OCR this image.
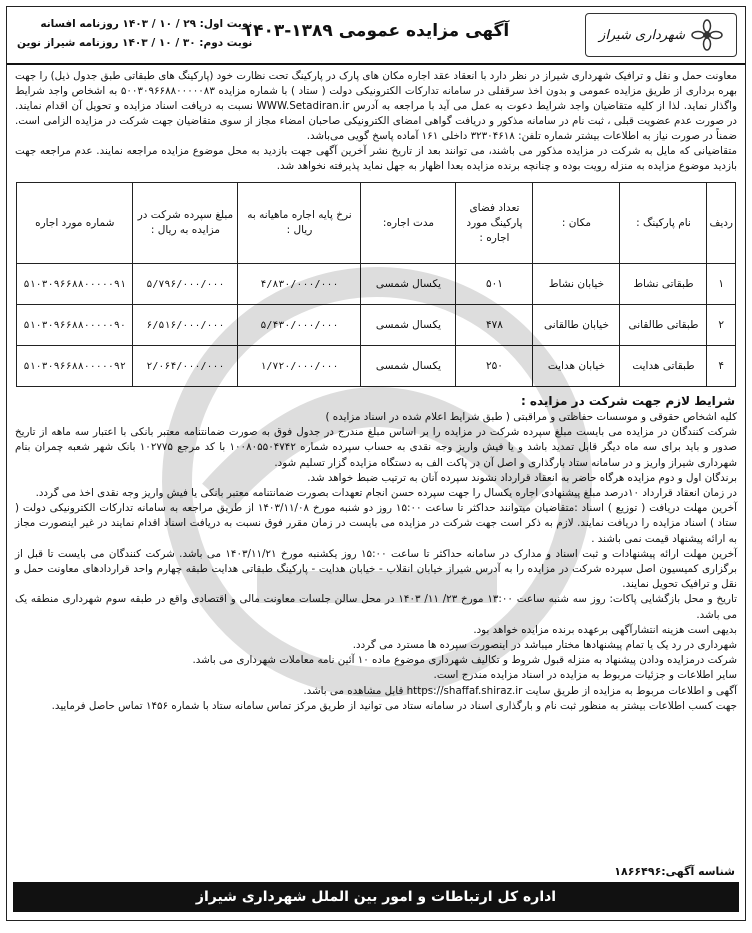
شهرداری شیراز
آگهی مزایده عمومی ۱۳۸۹-۱۴۰۳
نوبت اول: ۲۹ / ۱۰ / ۱۴۰۳ روزنامه افسانه
نوبت دوم: ۳۰ / ۱۰ / ۱۴۰۳ روزنامه شیراز نوین

معاونت حمل و نقل و ترافیک شهرداری شیراز در نظر دارد با انعقاد عقد اجاره مکان های پارک در پارکینگ تحت نظارت خود (پارکینگ های طبقاتی طبق جدول ذیل) را جهت بهره برداری از طریق مزایده عمومی و بدون اخذ سرقفلی در سامانه تدارکات الکترونیکی دولت ( ستاد ) با شماره مزایده ۵۰۰۳۰۹۶۶۸۸۰۰۰۰۰۸۳ به اشخاص واجد شرایط واگذار نماید. لذا از کلیه متقاضیان واجد شرایط دعوت به عمل می آید با مراجعه به آدرس WWW.Setadiran.ir نسبت به دریافت اسناد مزایده و تحویل آن اقدام نمایند. در صورت عدم عضویت قبلی ، ثبت نام در سامانه مذکور و دریافت گواهی امضای الکترونیکی صاحبان امضاء مجاز از سوی متقاضیان جهت شرکت در مزایده الزامی است. ضمناً در صورت نیاز به اطلاعات بیشتر شماره تلفن: ۳۲۳۰۴۶۱۸ داخلی ۱۶۱ آماده پاسخ گویی می‌باشد.

متقاضیانی که مایل به شرکت در مزایده مذکور می باشند، می توانند بعد از تاریخ نشر آخرین آگهی جهت بازدید به محل موضوع مزایده مراجعه نمایند. عدم مراجعه جهت بازدید موضوع مزایده به منزله رویت بوده و چنانچه برنده مزایده بعدا اظهار به جهل نماید پذیرفته نخواهد شد.

ردیف	نام پارکینگ :	مکان :	تعداد فضای پارکینگ مورد اجاره :	مدت اجاره:	نرخ پایه اجاره ماهیانه به ریال :	مبلغ سپرده شرکت در مزایده به ریال :	شماره مورد اجاره
۱	طبقاتی نشاط	خیابان نشاط	۵۰۱	یکسال شمسی	۴/۸۳۰/۰۰۰/۰۰۰	۵/۷۹۶/۰۰۰/۰۰۰	۵۱۰۳۰۹۶۶۸۸۰۰۰۰۰۹۱
۲	طبقاتی طالقانی	خیابان طالقانی	۴۷۸	یکسال شمسی	۵/۴۳۰/۰۰۰/۰۰۰	۶/۵۱۶/۰۰۰/۰۰۰	۵۱۰۳۰۹۶۶۸۸۰۰۰۰۰۹۰
۴	طبقاتی هدایت	خیابان هدایت	۲۵۰	یکسال شمسی	۱/۷۲۰/۰۰۰/۰۰۰	۲/۰۶۴/۰۰۰/۰۰۰	۵۱۰۳۰۹۶۶۸۸۰۰۰۰۰۹۲
شرایط لازم جهت شرکت در مزایده :

کلیه اشخاص حقوقی و موسسات حفاظتی و مراقبتی ( طبق شرایط اعلام شده در اسناد مزایده )

شرکت کنندگان در مزایده می بایست مبلغ سپرده شرکت در مزایده را بر اساس مبلغ مندرج در جدول فوق به صورت ضمانتنامه معتبر بانکی با اعتبار سه ماهه از تاریخ صدور و باید برای سه ماه دیگر قابل تمدید باشد و یا فیش واریز وجه نقدی به حساب سپرده شماره ۱۰۰۸۰۵۵۰۴۷۴۲ با کد مرجع ۱۰۲۷۷۵ بانک شهر شعبه چمران بنام شهرداری شیراز واریز و در سامانه ستاد بارگذاری و اصل آن در پاکت الف به دستگاه مزایده گزار تسلیم شود.

برندگان اول و دوم مزایده هرگاه حاضر به انعقاد قرارداد نشوند سپرده آنان به ترتیب ضبط خواهد شد.

در زمان انعقاد قرارداد ۱۰درصد مبلغ پیشنهادی اجاره یکسال را جهت سپرده حسن انجام تعهدات بصورت ضمانتنامه معتبر بانکی یا فیش واریز وجه نقدی اخذ می گردد.

آخرین مهلت دریافت ( توزیع ) اسناد :متقاضیان میتوانند حداکثر تا ساعت ۱۵:۰۰ روز دو شنبه مورخ ۱۴۰۳/۱۱/۰۸ از طریق مراجعه به سامانه تدارکات الکترونیکی دولت ( ستاد ) اسناد مزایده را دریافت نمایند. لازم به ذکر است جهت شرکت در مزایده می بایست در زمان مقرر فوق نسبت به دریافت اسناد اقدام نمایند در غیر اینصورت مجاز به ارائه پیشنهاد قیمت نمی باشند .

آخرین مهلت ارائه پیشنهادات و ثبت اسناد و مدارک در سامانه حداکثر تا ساعت ۱۵:۰۰ روز یکشنبه مورخ ۱۴۰۳/۱۱/۲۱ می باشد. شرکت کنندگان می بایست تا قبل از برگزاری کمیسیون اصل سپرده شرکت در مزایده را به آدرس شیراز خیابان انقلاب - خیابان هدایت - پارکینگ طبقاتی هدایت طبقه چهارم واحد قراردادهای معاونت حمل و نقل و ترافیک تحویل نمایند.

تاریخ و محل بازگشایی پاکات: روز سه شنبه ساعت ۱۳:۰۰ مورخ ۲۳/ ۱۱/ ۱۴۰۳ در محل سالن جلسات معاونت مالی و اقتصادی واقع در طبقه سوم شهرداری منطقه یک می باشد.

بدیهی است هزینه انتشارآگهی برعهده برنده مزایده خواهد بود.

شهرداری در رد یک یا تمام پیشنهادها مختار میباشد در اینصورت سپرده ها مسترد می گردد.

شرکت درمزایده ودادن پیشنهاد به منزله قبول شروط و تکالیف شهرداری موضوع ماده ۱۰ آئین نامه معاملات شهرداری می باشد.

سایر اطلاعات و جزئیات مربوط به مزایده در اسناد مزایده مندرج است.

آگهی و اطلاعات مربوط به مزایده از طریق سایت https://shaffaf.shiraz.ir قابل مشاهده می باشد.

جهت کسب اطلاعات بیشتر به منظور ثبت نام و بارگذاری اسناد در سامانه ستاد می توانید از طریق مرکز تماس سامانه ستاد با شماره ۱۴۵۶ تماس حاصل فرمایید.

شناسه آگهی:۱۸۶۶۴۹۶
اداره کل ارتباطات و امور بین الملل شهرداری شیراز
